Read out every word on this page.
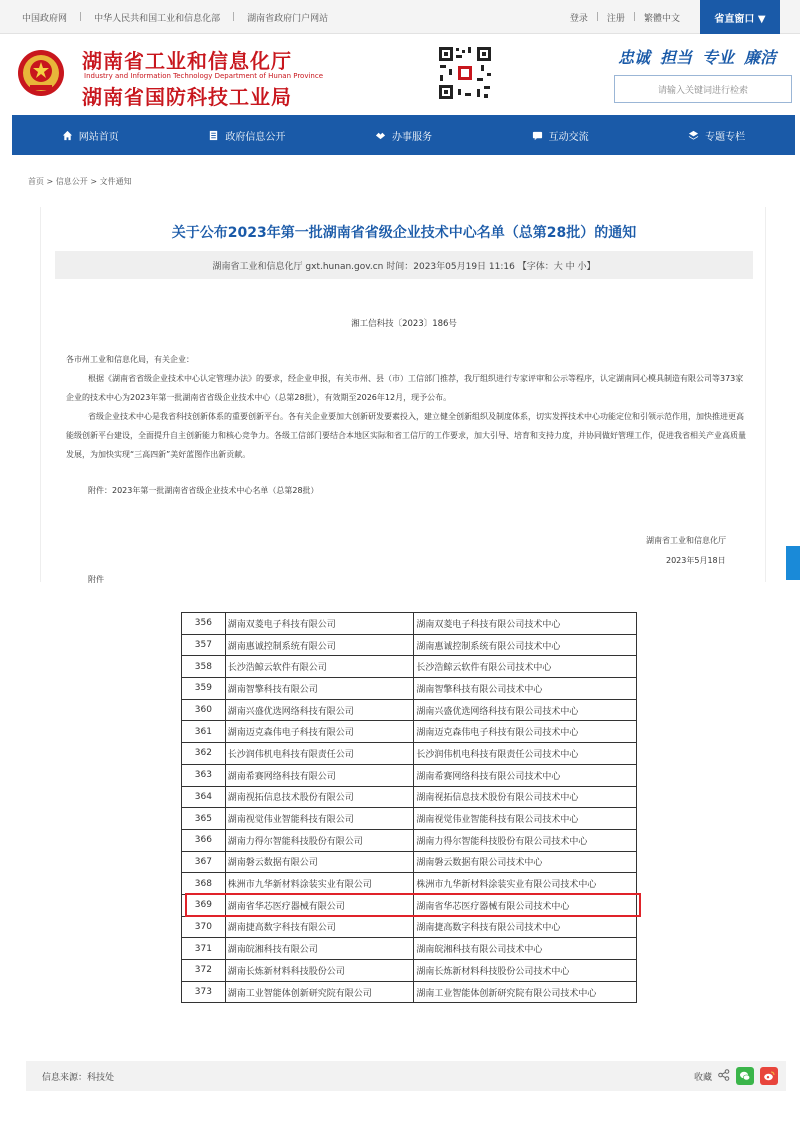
中国政府网 | 中华人民共和国工业和信息化部 | 湖南省政府门户网站	登录 | 注册 | 繁體中文	省直窗口 ▼
湖南省工业和信息化厅
Industry and Information Technology Department of Hunan Province
湖南省国防科技工业局
忠诚 担当 专业 廉洁
请输入关键词进行检索
网站首页	政府信息公开	办事服务	互动交流	专题专栏
首页 > 信息公开 > 文件通知
关于公布2023年第一批湖南省省级企业技术中心名单（总第28批）的通知
湖南省工业和信息化厅 gxt.hunan.gov.cn 时间：2023年05月19日 11:16 【字体：大 中 小】
湘工信科技〔2023〕186号
各市州工业和信息化局，有关企业：
根据《湖南省省级企业技术中心认定管理办法》的要求，经企业申报，有关市州、县（市）工信部门推荐，我厅组织进行专家评审和公示等程序，认定湖南同心模具制造有限公司等373家企业的技术中心为2023年第一批湖南省省级企业技术中心（总第28批），有效期至2026年12月，现予公布。
省级企业技术中心是我省科技创新体系的重要创新平台。各有关企业要加大创新研发要素投入，建立健全创新组织及制度体系，切实发挥技术中心功能定位和引领示范作用，加快推进更高能级创新平台建设，全面提升自主创新能力和核心竞争力。各级工信部门要结合本地区实际和省工信厅的工作要求，加大引导、培育和支持力度，并协同做好管理工作，促进我省相关产业高质量发展，为加快实现“三高四新”美好蓝图作出新贡献。
附件：2023年第一批湖南省省级企业技术中心名单（总第28批）
湖南省工业和信息化厅
2023年5月18日
附件
356	湖南双菱电子科技有限公司	湖南双菱电子科技有限公司技术中心
357	湖南惠诚控制系统有限公司	湖南惠诚控制系统有限公司技术中心
358	长沙浩鲸云软件有限公司	长沙浩鲸云软件有限公司技术中心
359	湖南智擎科技有限公司	湖南智擎科技有限公司技术中心
360	湖南兴盛优选网络科技有限公司	湖南兴盛优选网络科技有限公司技术中心
361	湖南迈克森伟电子科技有限公司	湖南迈克森伟电子科技有限公司技术中心
362	长沙润伟机电科技有限责任公司	长沙润伟机电科技有限责任公司技术中心
363	湖南希赛网络科技有限公司	湖南希赛网络科技有限公司技术中心
364	湖南视拓信息技术股份有限公司	湖南视拓信息技术股份有限公司技术中心
365	湖南视觉伟业智能科技有限公司	湖南视觉伟业智能科技有限公司技术中心
366	湖南力得尔智能科技股份有限公司	湖南力得尔智能科技股份有限公司技术中心
367	湖南磐云数据有限公司	湖南磐云数据有限公司技术中心
368	株洲市九华新材料涂装实业有限公司	株洲市九华新材料涂装实业有限公司技术中心
369	湖南省华芯医疗器械有限公司	湖南省华芯医疗器械有限公司技术中心
370	湖南捷高数字科技有限公司	湖南捷高数字科技有限公司技术中心
371	湖南皖湘科技有限公司	湖南皖湘科技有限公司技术中心
372	湖南长炼新材料科技股份公司	湖南长炼新材料科技股份公司技术中心
373	湖南工业智能体创新研究院有限公司	湖南工业智能体创新研究院有限公司技术中心
信息来源：科技处	收藏
